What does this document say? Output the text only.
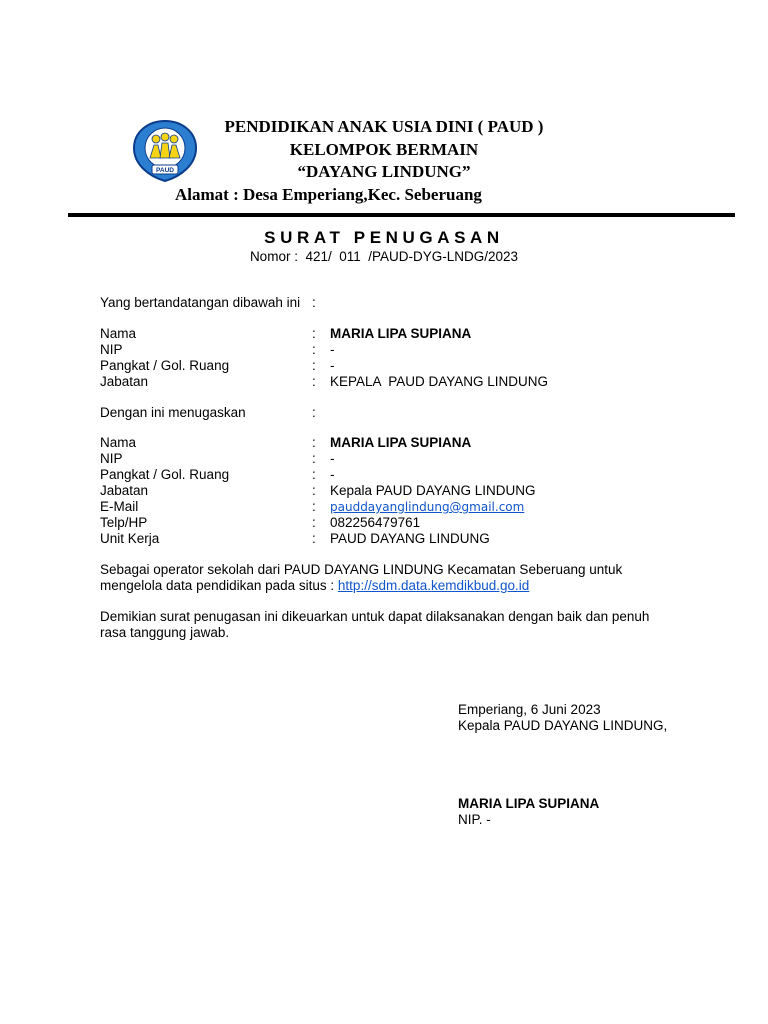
PAUD
PENDIDIKAN ANAK USIA DINI ( PAUD )
KELOMPOK BERMAIN
“DAYANG LINDUNG”
Alamat : Desa Emperiang,Kec. Seberuang
SURAT PENUGASAN
Nomor :  421/  011  /PAUD-DYG-LNDG/2023
Yang bertandatangan dibawah ini :
Nama	: MARIA LIPA SUPIANA
NIP	: -
Pangkat / Gol. Ruang	: -
Jabatan	: KEPALA  PAUD DAYANG LINDUNG
Dengan ini menugaskan	:
Nama	: MARIA LIPA SUPIANA
NIP	: -
Pangkat / Gol. Ruang	: -
Jabatan	: Kepala PAUD DAYANG LINDUNG
E-Mail	: pauddayanglindung@gmail.com
Telp/HP	: 082256479761
Unit Kerja	: PAUD DAYANG LINDUNG
Sebagai operator sekolah dari PAUD DAYANG LINDUNG Kecamatan Seberuang untuk mengelola data pendidikan pada situs : http://sdm.data.kemdikbud.go.id
Demikian surat penugasan ini dikeuarkan untuk dapat dilaksanakan dengan baik dan penuh rasa tanggung jawab.
Emperiang, 6 Juni 2023
Kepala PAUD DAYANG LINDUNG,
MARIA LIPA SUPIANA
NIP. -
